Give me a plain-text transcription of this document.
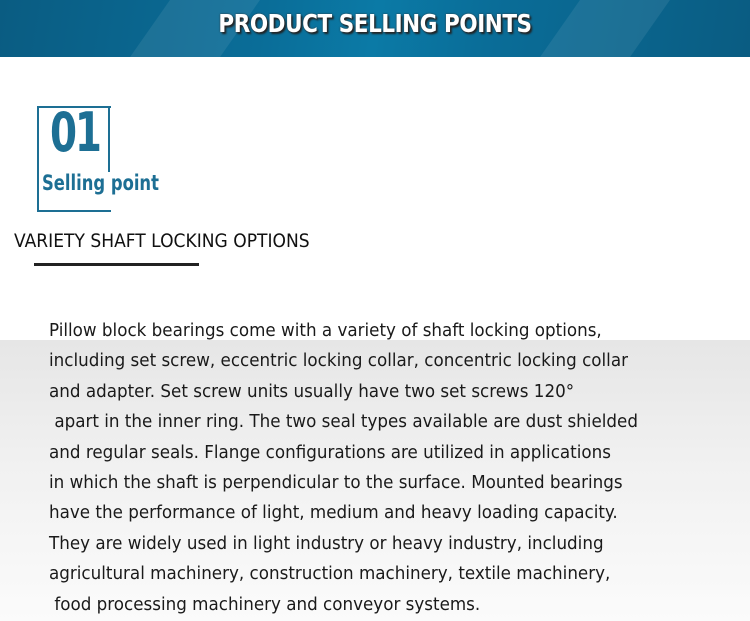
PRODUCT SELLING POINTS
01
Selling point
VARIETY SHAFT LOCKING OPTIONS
Pillow block bearings come with a variety of shaft locking options,
including set screw, eccentric locking collar, concentric locking collar
and adapter. Set screw units usually have two set screws 120°
apart in the inner ring. The two seal types available are dust shielded
and regular seals. Flange configurations are utilized in applications
in which the shaft is perpendicular to the surface. Mounted bearings
have the performance of light, medium and heavy loading capacity.
They are widely used in light industry or heavy industry, including
agricultural machinery, construction machinery, textile machinery,
food processing machinery and conveyor systems.
